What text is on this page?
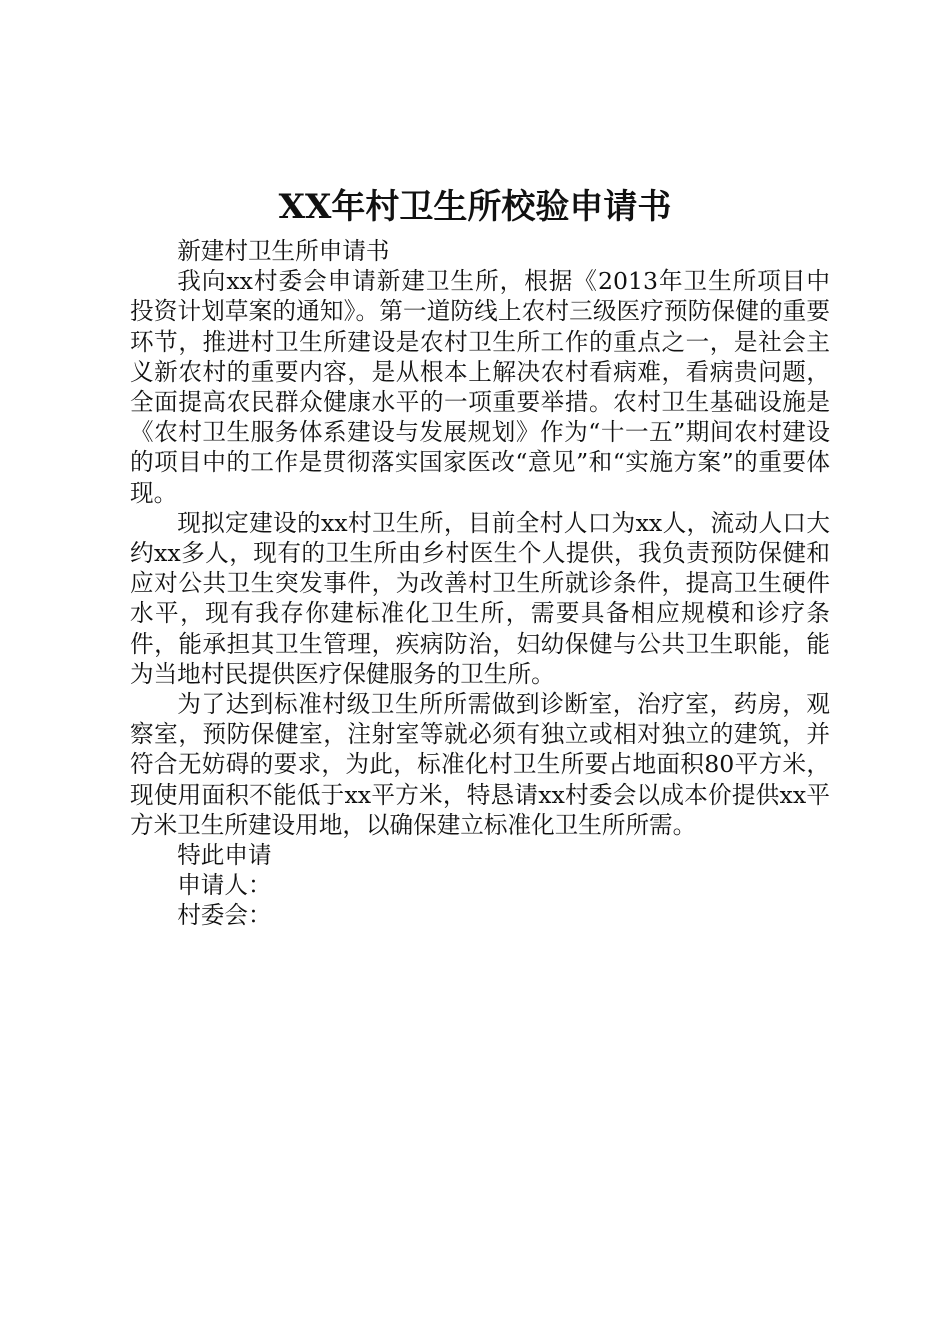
XX年村卫生所校验申请书

新建村卫生所申请书

我向xx村委会申请新建卫生所，根据《2013年卫生所项目中投资计划草案的通知》。第一道防线上农村三级医疗预防保健的重要环节，推进村卫生所建设是农村卫生所工作的重点之一，是社会主义新农村的重要内容，是从根本上解决农村看病难，看病贵问题，全面提高农民群众健康水平的一项重要举措。农村卫生基础设施是《农村卫生服务体系建设与发展规划》作为“十一五”期间农村建设的项目中的工作是贯彻落实国家医改“意见”和“实施方案”的重要体现。

现拟定建设的xx村卫生所，目前全村人口为xx人，流动人口大约xx多人，现有的卫生所由乡村医生个人提供，我负责预防保健和应对公共卫生突发事件，为改善村卫生所就诊条件，提高卫生硬件水平，现有我存你建标准化卫生所，需要具备相应规模和诊疗条件，能承担其卫生管理，疾病防治，妇幼保健与公共卫生职能，能为当地村民提供医疗保健服务的卫生所。

为了达到标准村级卫生所所需做到诊断室，治疗室，药房，观察室，预防保健室，注射室等就必须有独立或相对独立的建筑，并符合无妨碍的要求，为此，标准化村卫生所要占地面积80平方米，现使用面积不能低于xx平方米，特恳请xx村委会以成本价提供xx平方米卫生所建设用地，以确保建立标准化卫生所所需。

特此申请

申请人：

村委会：
